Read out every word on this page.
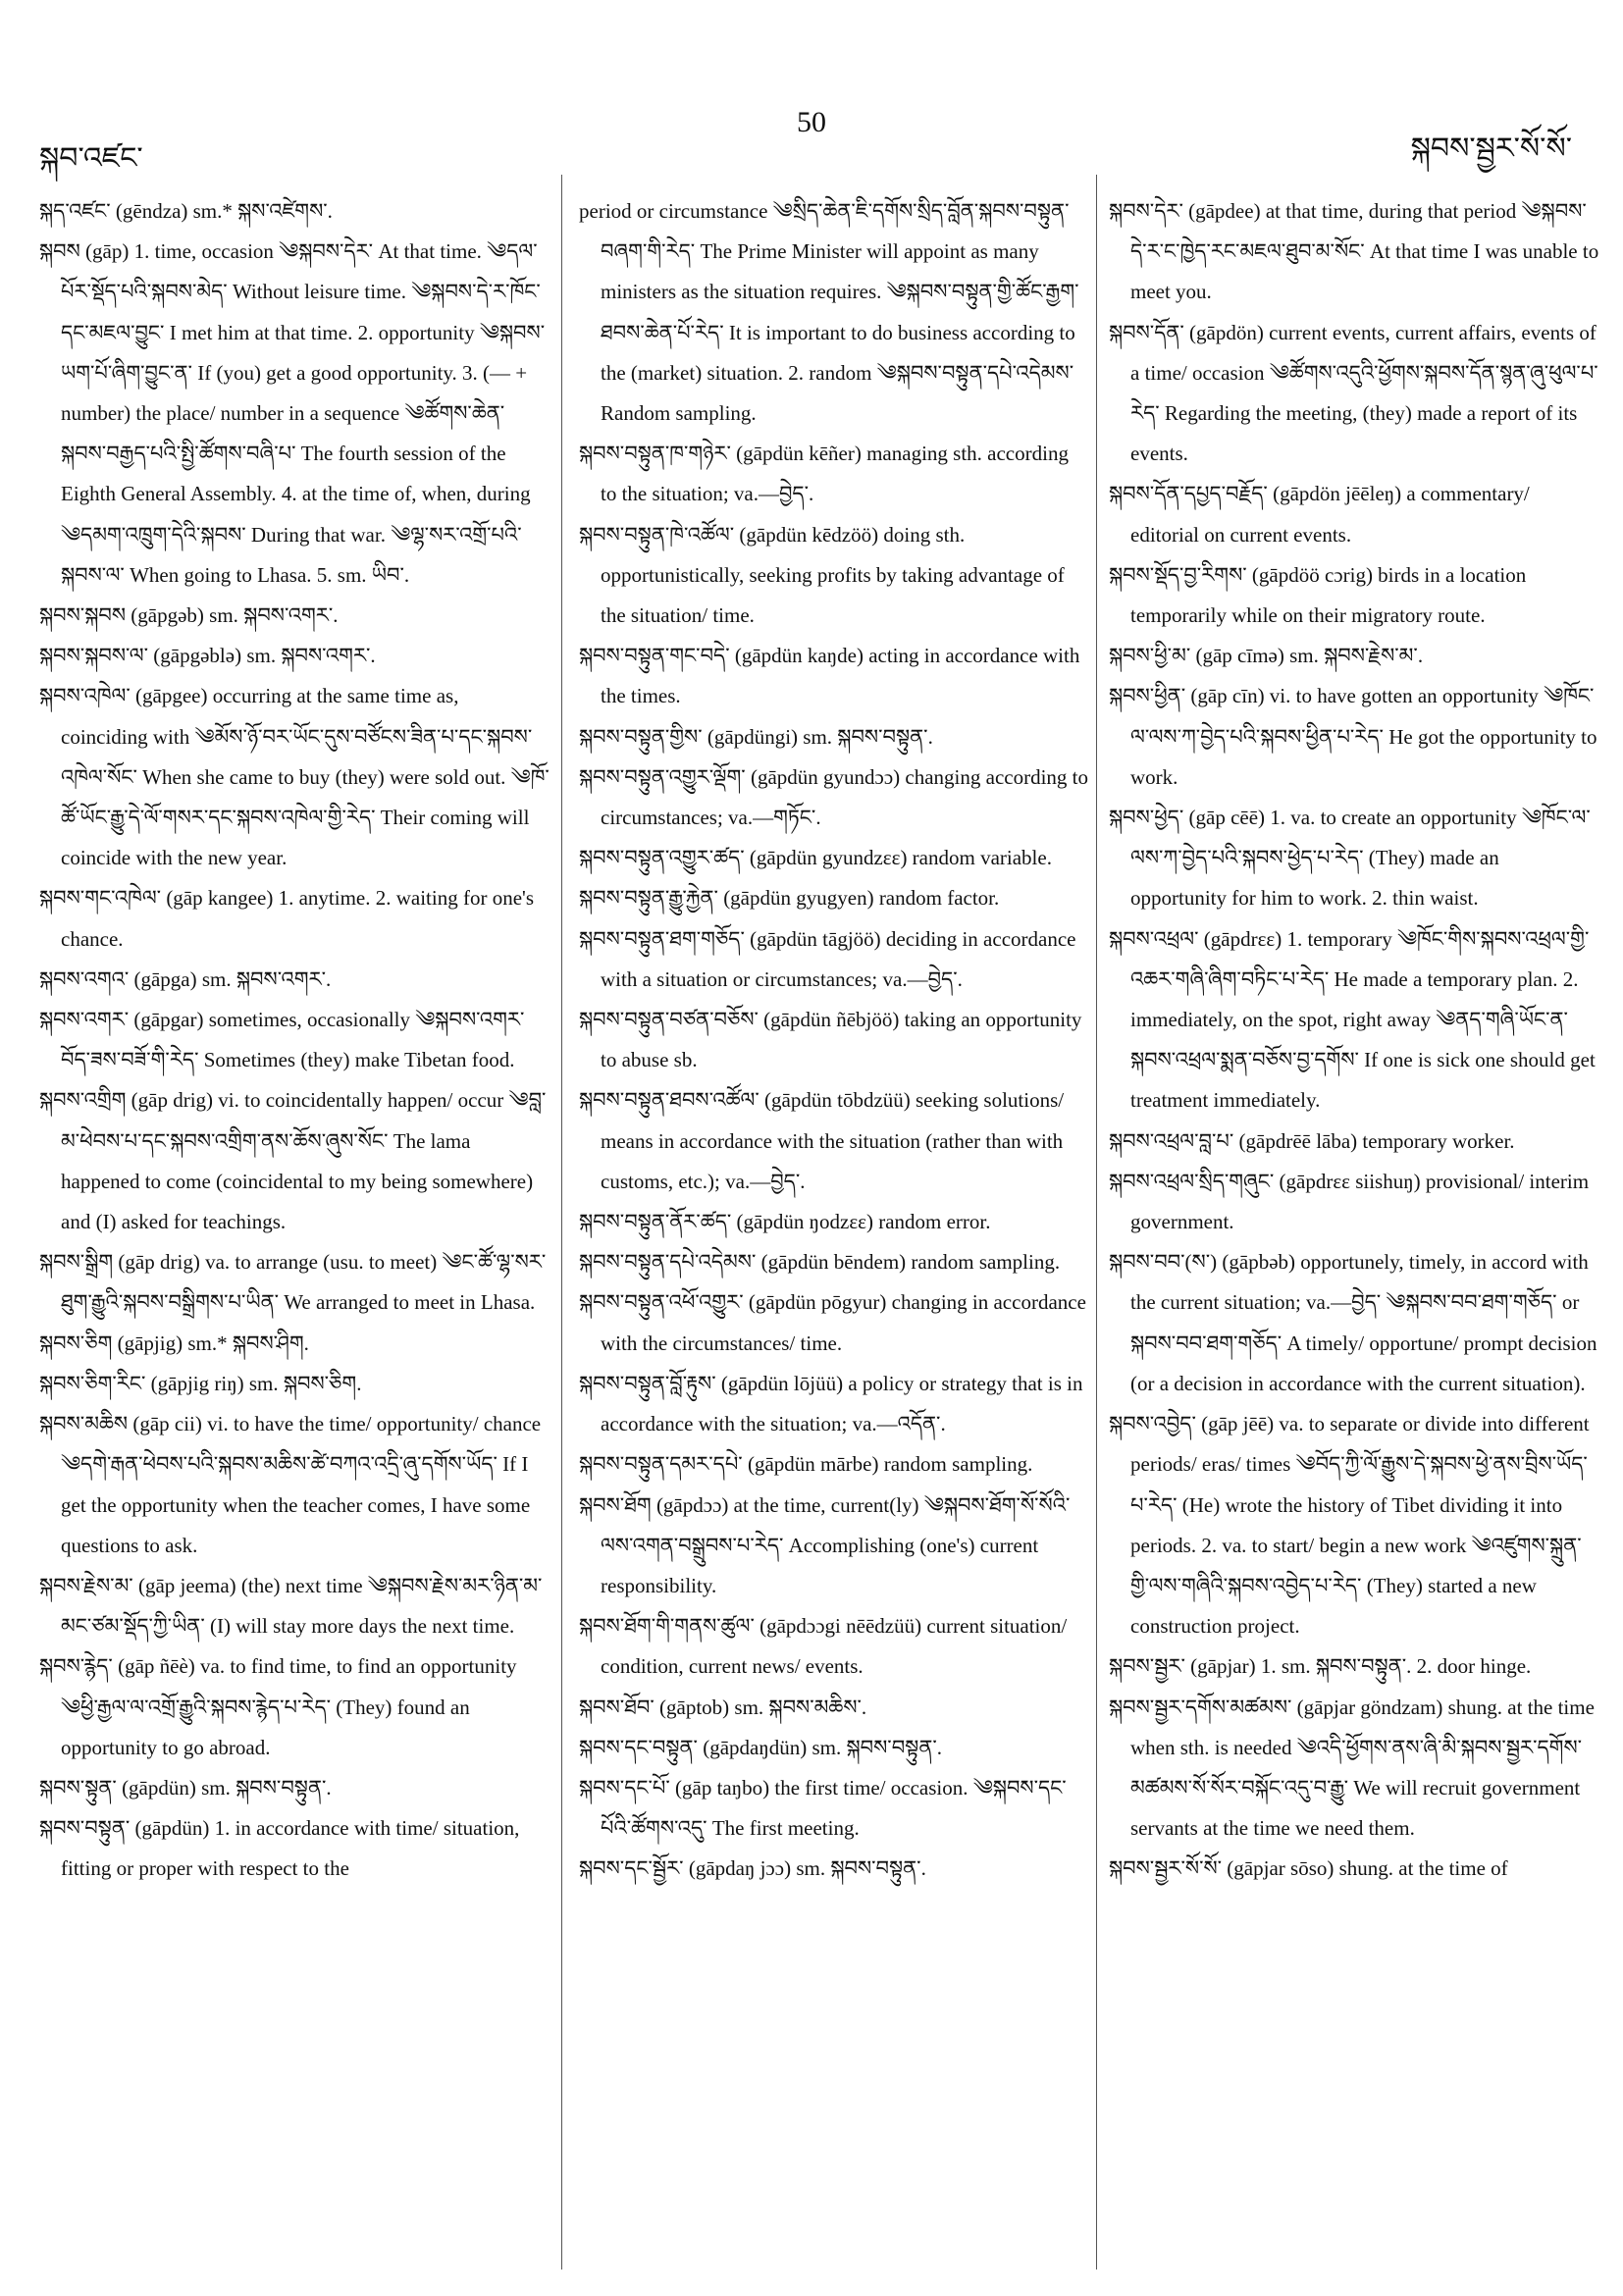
སྐབ་འཛང་
50
སྐབས་སྦྱར་སོ་སོ་

སྐད་འཛང་ (gēndza) sm.* སྐས་འཛེགས་.

སྐབས (gāp) 1. time, occasion ༄སྐབས་དེར་ At that time. ༄དལ་པོར་སྡོད་པའི་སྐབས་མེད་ Without leisure time. ༄སྐབས་དེ་ར་ཁོང་དང་མཇལ་བྱུང་ I met him at that time. 2. opportunity ༄སྐབས་ཡག་པོ་ཞིག་བྱུང་ན་ If (you) get a good opportunity. 3. (— + number) the place/ number in a sequence ༄ཚོགས་ཆེན་སྐབས་བརྒྱད་པའི་སྤྱི་ཚོགས་བཞི་པ་ The fourth session of the Eighth General Assembly. 4. at the time of, when, during ༄དམག་འཁྲུག་དེའི་སྐབས་ During that war. ༄ལྷ་སར་འགྲོ་པའི་སྐབས་ལ་ When going to Lhasa. 5. sm. ཡིབ་.

སྐབས་སྐབས (gāpgəb) sm. སྐབས་འགར་.

སྐབས་སྐབས་ལ་ (gāpgəblə) sm. སྐབས་འགར་.

སྐབས་འཁེལ་ (gāpgee) occurring at the same time as, coinciding with ༄མོས་ཉོ་བར་ཡོང་དུས་བཙོངས་ཟིན་པ་དང་སྐབས་འཁེལ་སོང་ When she came to buy (they) were sold out. ༄ཁོ་ཚོ་ཡོང་རྒྱུ་དེ་ལོ་གསར་དང་སྐབས་འཁེལ་གྱི་རེད་ Their coming will coincide with the new year.

སྐབས་གང་འཁེལ་ (gāp kangee) 1. anytime. 2. waiting for one's chance.

སྐབས་འགའ་ (gāpga) sm. སྐབས་འགར་.

སྐབས་འགར་ (gāpgar) sometimes, occasionally ༄སྐབས་འགར་བོད་ཟས་བཟོ་གི་རེད་ Sometimes (they) make Tibetan food.

སྐབས་འགྲིག (gāp drig) vi. to coincidentally happen/ occur ༄བླ་མ་ཕེབས་པ་དང་སྐབས་འགྲིག་ནས་ཆོས་ཞུས་སོང་ The lama happened to come (coincidental to my being somewhere) and (I) asked for teachings.

སྐབས་སྒྲིག (gāp drig) va. to arrange (usu. to meet) ༄ང་ཚོ་ལྷ་སར་ཐུག་རྒྱུའི་སྐབས་བསྒྲིགས་པ་ཡིན་ We arranged to meet in Lhasa.

སྐབས་ཅིག (gāpjig) sm.* སྐབས་ཤིག.

སྐབས་ཅིག་རིང་ (gāpjig riŋ) sm. སྐབས་ཅིག.

སྐབས་མཆིས (gāp cii) vi. to have the time/ opportunity/ chance ༄དགེ་རྒན་ཕེབས་པའི་སྐབས་མཆིས་ཚེ་བཀའ་འདྲི་ཞུ་དགོས་ཡོད་ If I get the opportunity when the teacher comes, I have some questions to ask.

སྐབས་རྗེས་མ་ (gāp jeema) (the) next time ༄སྐབས་རྗེས་མར་ཉིན་མ་མང་ཙམ་སྡོད་ཀྱི་ཡིན་ (I) will stay more days the next time.

སྐབས་རྙེད་ (gāp ñēè) va. to find time, to find an opportunity ༄ཕྱི་རྒྱལ་ལ་འགྲོ་རྒྱུའི་སྐབས་རྙེད་པ་རེད་ (They) found an opportunity to go abroad.

སྐབས་སྟུན་ (gāpdün) sm. སྐབས་བསྟུན་.

སྐབས་བསྟུན་ (gāpdün) 1. in accordance with time/ situation, fitting or proper with respect to the

period or circumstance ༄སྲིད་ཆེན་ཇི་དགོས་སྲིད་བློན་སྐབས་བསྟུན་བཞག་གི་རེད་ The Prime Minister will appoint as many ministers as the situation requires. ༄སྐབས་བསྟུན་གྱི་ཚོང་རྒྱག་ཐབས་ཆེན་པོ་རེད་ It is important to do business according to the (market) situation. 2. random ༄སྐབས་བསྟུན་དཔེ་འདེམས་ Random sampling.

སྐབས་བསྟུན་ཁ་གཉེར་ (gāpdün kēñer) managing sth. according to the situation; va.—བྱེད་.

སྐབས་བསྟུན་ཁེ་འཚོལ་ (gāpdün kēdzöö) doing sth. opportunistically, seeking profits by taking advantage of the situation/ time.

སྐབས་བསྟུན་གང་བདེ་ (gāpdün kaŋde) acting in accordance with the times.

སྐབས་བསྟུན་གྱིས་ (gāpdüngi) sm. སྐབས་བསྟུན་.

སྐབས་བསྟུན་འགྱུར་ལྡོག་ (gāpdün gyundɔɔ) changing according to circumstances; va.—གཏོང་.

སྐབས་བསྟུན་འགྱུར་ཚད་ (gāpdün gyundzɛɛ) random variable.

སྐབས་བསྟུན་རྒྱུ་རྐྱེན་ (gāpdün gyugyen) random factor.

སྐབས་བསྟུན་ཐག་གཅོད་ (gāpdün tāgjöö) deciding in accordance with a situation or circumstances; va.—བྱེད་.

སྐབས་བསྟུན་བཙན་བཅོས་ (gāpdün ñēbjöö) taking an opportunity to abuse sb.

སྐབས་བསྟུན་ཐབས་འཚོལ་ (gāpdün tōbdzüü) seeking solutions/ means in accordance with the situation (rather than with customs, etc.); va.—བྱེད་.

སྐབས་བསྟུན་ནོར་ཚད་ (gāpdün ŋodzɛɛ) random error.

སྐབས་བསྟུན་དཔེ་འདེམས་ (gāpdün bēndem) random sampling.

སྐབས་བསྟུན་འཕོ་འགྱུར་ (gāpdün pōgyur) changing in accordance with the circumstances/ time.

སྐབས་བསྟུན་བློ་རྟུས་ (gāpdün lōjüü) a policy or strategy that is in accordance with the situation; va.—འདོན་.

སྐབས་བསྟུན་དམར་དཔེ་ (gāpdün mārbe) random sampling.

སྐབས་ཐོག (gāpdɔɔ) at the time, current(ly) ༄སྐབས་ཐོག་སོ་སོའི་ལས་འགན་བསྒྲུབས་པ་རེད་ Accomplishing (one's) current responsibility.

སྐབས་ཐོག་གི་གནས་ཚུལ་ (gāpdɔɔgi nēēdzüü) current situation/ condition, current news/ events.

སྐབས་ཐོབ་ (gāptob) sm. སྐབས་མཆིས་.

སྐབས་དང་བསྟུན་ (gāpdaŋdün) sm. སྐབས་བསྟུན་.

སྐབས་དང་པོ་ (gāp taŋbo) the first time/ occasion. ༄སྐབས་དང་པོའི་ཚོགས་འདུ་ The first meeting.

སྐབས་དང་སྦྱོར་ (gāpdaŋ jɔɔ) sm. སྐབས་བསྟུན་.

སྐབས་དེར་ (gāpdee) at that time, during that period ༄སྐབས་དེ་ར་ང་ཁྱེད་རང་མཇལ་ཐུབ་མ་སོང་ At that time I was unable to meet you.

སྐབས་དོན་ (gāpdön) current events, current affairs, events of a time/ occasion ༄ཚོགས་འདུའི་ཕྱོགས་སྐབས་དོན་སྙན་ཞུ་ཕུལ་པ་རེད་ Regarding the meeting, (they) made a report of its events.

སྐབས་དོན་དཔྱད་བརྗོད་ (gāpdön jēēleŋ) a commentary/ editorial on current events.

སྐབས་སྡོད་བྱ་རིགས་ (gāpdöö cɔrig) birds in a location temporarily while on their migratory route.

སྐབས་ཕྱི་མ་ (gāp cīmə) sm. སྐབས་རྗེས་མ་.

སྐབས་ཕྱིན་ (gāp cīn) vi. to have gotten an opportunity ༄ཁོང་ལ་ལས་ཀ་བྱེད་པའི་སྐབས་ཕྱིན་པ་རེད་ He got the opportunity to work.

སྐབས་ཕྱེད་ (gāp cēē) 1. va. to create an opportunity ༄ཁོང་ལ་ལས་ཀ་བྱེད་པའི་སྐབས་ཕྱེད་པ་རེད་ (They) made an opportunity for him to work. 2. thin waist.

སྐབས་འཕྲལ་ (gāpdrɛɛ) 1. temporary ༄ཁོང་གིས་སྐབས་འཕྲལ་གྱི་འཆར་གཞི་ཞིག་བཏིང་པ་རེད་ He made a temporary plan. 2. immediately, on the spot, right away ༄ནད་གཞི་ཡོང་ན་སྐབས་འཕྲལ་སྨན་བཅོས་བྱ་དགོས་ If one is sick one should get treatment immediately.

སྐབས་འཕྲལ་བླ་པ་ (gāpdrēē lāba) temporary worker.

སྐབས་འཕྲལ་སྲིད་གཞུང་ (gāpdrɛɛ siishuŋ) provisional/ interim government.

སྐབས་བབ་(ས་) (gāpbəb) opportunely, timely, in accord with the current situation; va.—བྱེད་ ༄སྐབས་བབ་ཐག་གཅོད་ or སྐབས་བབ་ཐག་གཅོད་ A timely/ opportune/ prompt decision (or a decision in accordance with the current situation).

སྐབས་འབྱེད་ (gāp jēē) va. to separate or divide into different periods/ eras/ times ༄བོད་ཀྱི་ལོ་རྒྱུས་དེ་སྐབས་ཕྱེ་ནས་བྲིས་ཡོད་པ་རེད་ (He) wrote the history of Tibet dividing it into periods. 2. va. to start/ begin a new work ༄འཛུགས་སྐྲུན་གྱི་ལས་གཞིའི་སྐབས་འབྱེད་པ་རེད་ (They) started a new construction project.

སྐབས་སྦྱར་ (gāpjar) 1. sm. སྐབས་བསྟུན་. 2. door hinge.

སྐབས་སྦྱར་དགོས་མཚམས་ (gāpjar göndzam) shung. at the time when sth. is needed ༄འདི་ཕྱོགས་ནས་ཞི་མི་སྐབས་སྦྱར་དགོས་མཚམས་སོ་སོར་བསྐོང་འདུ་བ་རྒྱུ་ We will recruit government servants at the time we need them.

སྐབས་སྦྱར་སོ་སོ་ (gāpjar sōso) shung. at the time of
